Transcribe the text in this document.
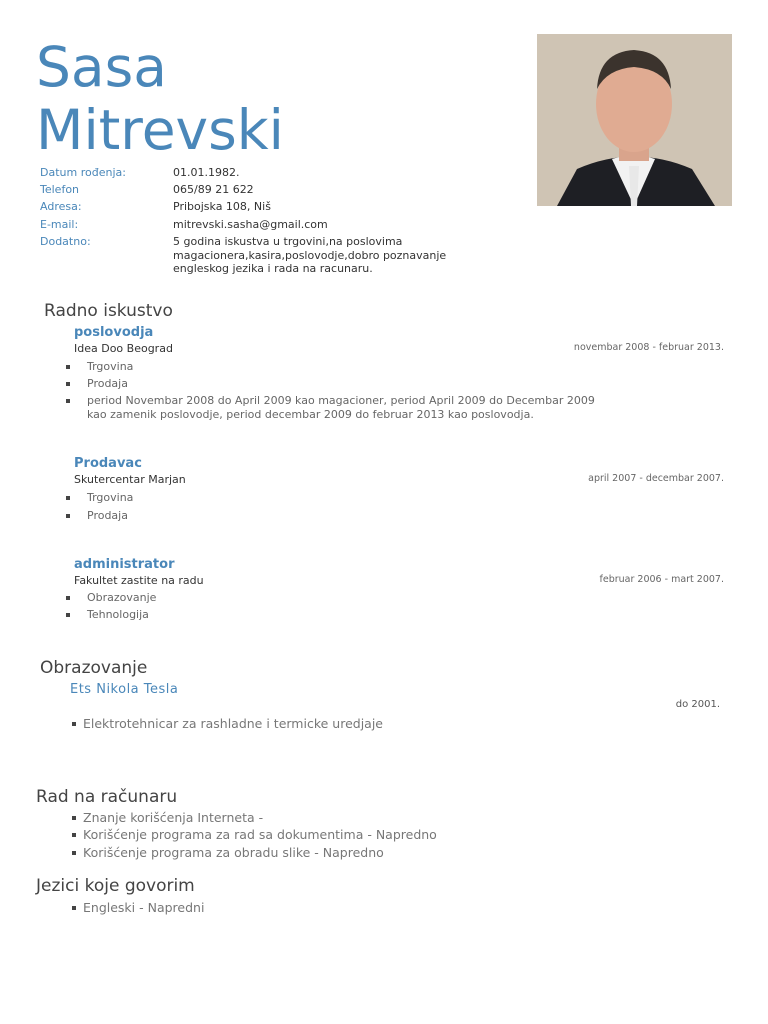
Sasa
Mitrevski
Datum rođenja:	01.01.1982.
Telefon	065/89 21 622
Adresa:	Pribojska 108, Niš
E-mail:	mitrevski.sasha@gmail.com
Dodatno:	5 godina iskustva u trgovini,na poslovima magacionera,kasira,poslovodje,dobro poznavanje engleskog jezika i rada na racunaru.
Radno iskustvo
poslovodja
Idea Doo Beograd	novembar 2008 - februar 2013.
Trgovina
Prodaja
period Novembar 2008 do April 2009 kao magacioner, period April 2009 do Decembar 2009 kao zamenik poslovodje, period decembar 2009 do februar 2013 kao poslovodja.
Prodavac
Skutercentar Marjan	april 2007 - decembar 2007.
Trgovina
Prodaja
administrator
Fakultet zastite na radu	februar 2006 - mart 2007.
Obrazovanje
Tehnologija
Obrazovanje
Ets Nikola Tesla
do 2001.
Elektrotehnicar za rashladne i termicke uredjaje
Rad na računaru
Znanje korišćenja Interneta -
Korišćenje programa za rad sa dokumentima - Napredno
Korišćenje programa za obradu slike - Napredno
Jezici koje govorim
Engleski - Napredni
